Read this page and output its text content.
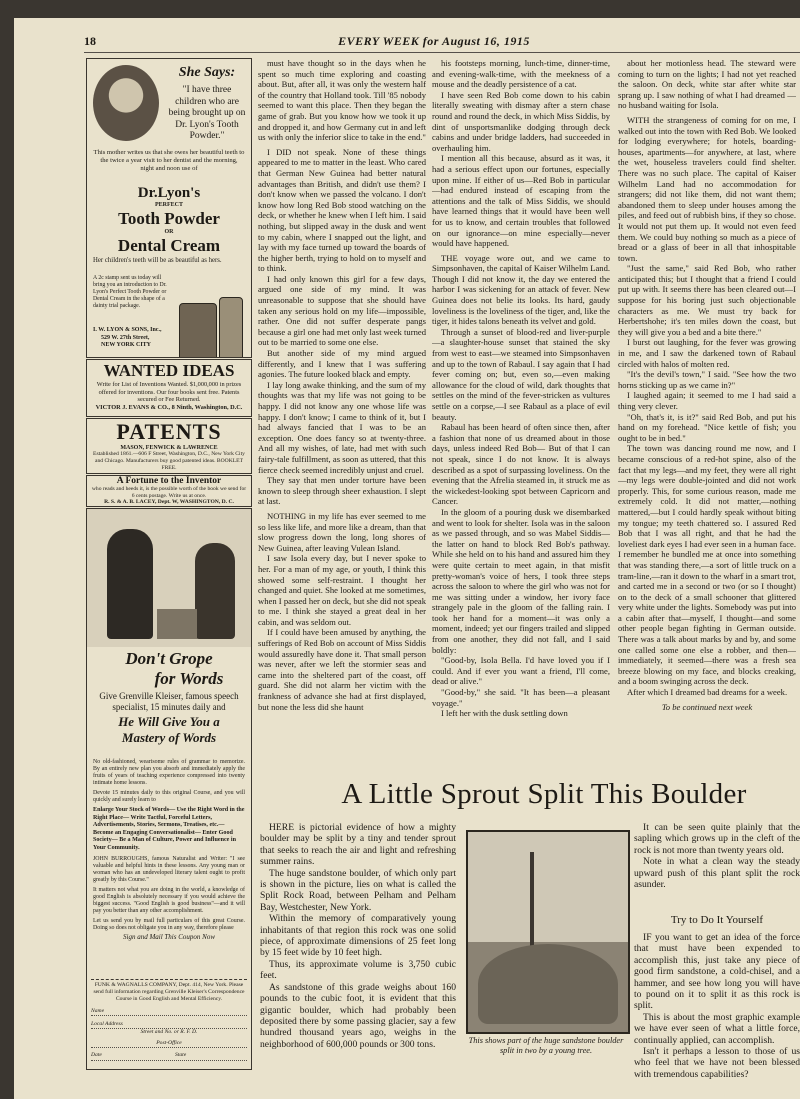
18	EVERY WEEK for August 16, 1915
She Says:
"I have three children who are being brought up on Dr. Lyon's Tooth Powder."
This mother writes us that she owes her beautiful teeth to the twice a year visit to her dentist and the morning, night and noon use of
Dr.Lyon's
PERFECT
Tooth Powder
OR
Dental Cream
Her children's teeth will be as beautiful as hers.
A 2c stamp sent us today will bring you an introduction to Dr. Lyon's Perfect Tooth Powder or Dental Cream in the shape of a dainty trial package.
I. W. LYON & SONS, Inc.,
529 W. 27th Street,
NEW YORK CITY
WANTED IDEAS
Write for List of Inventions Wanted. $1,000,000 in prizes offered for inventions. Our four books sent free. Patents secured or Fee Returned.
VICTOR J. EVANS & CO., 8 Ninth, Washington, D.C.
PATENTS
MASON, FENWICK & LAWRENCE
Established 1861.—606 F Street, Washington, D.C., New York City and Chicago. Manufacturers buy good patented ideas. BOOKLET FREE.
A Fortune to the Inventor
who reads and heeds it, is the possible worth of the book we send for 6 cents postage. Write us at once.
R. S. & A. B. LACEY, Dept. W, WASHINGTON, D. C.
Don't Grope
for Words
Give Grenville Kleiser, famous speech specialist, 15 minutes daily and
He Will Give You a
Mastery of Words
No old-fashioned, wearisome rules of grammar to memorize. By an entirely new plan you absorb and immediately apply the fruits of years of teaching experience compressed into twenty intimate home lessons.
Devote 15 minutes daily to this original Course, and you will quickly and surely learn to
Enlarge Your Stock of Words— Use the Right Word in the Right Place— Write Tactful, Forceful Letters, Advertisements, Stories, Sermons, Treatises, etc.— Become an Engaging Conversationalist— Enter Good Society— Be a Man of Culture, Power and Influence in Your Community.
JOHN BURROUGHS, famous Naturalist and Writer: "I see valuable and helpful hints in these lessons. Any young man or woman who has an undeveloped literary talent ought to profit greatly by this Course."
It matters not what you are doing in the world, a knowledge of good English is absolutely necessary if you would achieve the biggest success. "Good English is good business"—and it will pay you better than any other accomplishment.
Let us send you by mail full particulars of this great Course. Doing so does not obligate you in any way, therefore please
Sign and Mail This Coupon Now
FUNK & WAGNALLS COMPANY, Dept. 414, New York. Please send full information regarding Grenville Kleiser's Correspondence Course in Good English and Mental Efficiency.
Name
Local Address
Street and No. or R. F. D.
Post-Office
Date	State

must have thought so in the days when he spent so much time exploring and coasting about. But, after all, it was only the western half of the country that Holland took. Till '85 nobody seemed to want this place. Then they began the game of grab. But you know how we took it up and dropped it, and how Germany cut in and left us with only the inferior slice to take in the end."

I DID not speak. None of these things appeared to me to matter in the least. Who cared that German New Guinea had better natural advantages than British, and didn't use them? I don't know when we passed the volcano. I don't know how long Red Bob stood watching on the deck, or whether he knew when I left him. I said nothing, but slipped away in the dusk and went to my cabin, where I snapped out the light, and lay with my face turned up toward the boards of the higher berth, trying to hold on to myself and to think.

I had only known this girl for a few days, argued one side of my mind. It was unreasonable to suppose that she should have taken any serious hold on my life—impossible, rather. One did not suffer desperate pangs because a girl one had met only last week turned out to be married to some one else.

But another side of my mind argued differently, and I knew that I was suffering agonies. The future looked black and empty.

I lay long awake thinking, and the sum of my thoughts was that my life was not going to be happy. I did not know any one whose life was happy. I don't know; I came to think of it, but I had always fancied that I was to be an exception. One does fancy so at twenty-three. And all my wishes, of late, had met with such fairy-tale fulfillment, as soon as uttered, that this fierce check seemed incredibly unjust and cruel.

They say that men under torture have been known to sleep through sheer exhaustion. I slept at last.

NOTHING in my life has ever seemed to me so less like life, and more like a dream, than that slow progress down the long, long shores of New Guinea, after leaving Vulean Island.

I saw Isola every day, but I never spoke to her. For a man of my age, or youth, I think this showed some self-restraint. I thought her changed and quiet. She looked at me sometimes, when I passed her on deck, but she did not speak to me. I think she stayed a great deal in her cabin, and was seldom out.

If I could have been amused by anything, the sufferings of Red Bob on account of Miss Siddis would assuredly have done it. That small person was never, after we left the stormier seas and came into the sheltered part of the coast, off guard. She did not alarm her victim with the frankness of advance she had at first displayed, but none the less did she haunt

his footsteps morning, lunch-time, dinner-time, and evening-walk-time, with the meekness of a mouse and the deadly persistence of a cat.

I have seen Red Bob come down to his cabin literally sweating with dismay after a stern chase round and round the deck, in which Miss Siddis, by dint of unsportsmanlike dodging through deck cabins and under bridge ladders, had succeeded in overhauling him.

I mention all this because, absurd as it was, it had a serious effect upon our fortunes, especially upon mine. If either of us—Red Bob in particular—had endured instead of escaping from the attentions and the talk of Miss Siddis, we should have learned things that it would have been well for us to know, and certain troubles that followed on our ignorance—on mine especially—never would have happened.

THE voyage wore out, and we came to Simpsonhaven, the capital of Kaiser Wilhelm Land. Though I did not know it, the day we entered the harbor I was sickening for an attack of fever. New Guinea does not belie its looks. Its hard, gaudy loveliness is the loveliness of the tiger, and, like the tiger, it hides talons beneath its velvet and gold.

Through a sunset of blood-red and liver-purple—a slaughter-house sunset that stained the sky from west to east—we steamed into Simpsonhaven and up to the town of Rabaul. I say again that I had fever coming on; but, even so,—even making allowance for the cloud of wild, dark thoughts that settles on the mind of the fever-stricken as vultures settle on a corpse,—I see Rabaul as a place of evil beauty.

Rabaul has been heard of often since then, after a fashion that none of us dreamed about in those days, unless indeed Red Bob— But of that I can not speak, since I do not know. It is always described as a spot of surpassing loveliness. On the evening that the Afrelia steamed in, it struck me as the wickedest-looking spot between Capricorn and Cancer.

In the gloom of a pouring dusk we disembarked and went to look for shelter. Isola was in the saloon as we passed through, and so was Mabel Siddis—the latter on hand to block Red Bob's pathway. While she held on to his hand and assured him they were quite certain to meet again, in that misfit pretty-woman's voice of hers, I took three steps across the saloon to where the girl who was not for me was sitting under a window, her ivory face strangely pale in the gloom of the falling rain. I took her hand for a moment—it was only a moment, indeed; yet our fingers trailed and slipped from one another, they did not fall, and I said boldly:

"Good-by, Isola Bella. I'd have loved you if I could. And if ever you want a friend, I'll come, dead or alive."

"Good-by," she said. "It has been—a pleasant voyage."

I left her with the dusk settling down

about her motionless head. The steward were coming to turn on the lights; I had not yet reached the saloon. On deck, white star after white star sprang up. I saw nothing of what I had dreamed —no husband waiting for Isola.

WITH the strangeness of coming for on me, I walked out into the town with Red Bob. We looked for lodging everywhere; for hotels, boarding-houses, apartments—for anywhere, at last, where the wet, houseless travelers could find shelter. There was no such place. The capital of Kaiser Wilhelm Land had no accommodation for strangers; did not like them, did not want them; abandoned them to sleep under houses among the piles, and feed out of rubbish bins, if they so chose. It would not put them up. It would not even feed them. We could buy nothing so much as a piece of bread or a glass of beer in all that inhospitable town.

"Just the same," said Red Bob, who rather anticipated this; but I thought that a friend I could put up with. It seems there has been cleared out—I suppose for his boring just such objectionable characters as me. We must try back for Herbertshohe; it's ten miles down the coast, but they will give you a bed and a bite there."

I burst out laughing, for the fever was growing in me, and I saw the darkened town of Rabaul circled with halos of molten red.

"It's the devil's town," I said. "See how the two horns sticking up as we came in?"

I laughed again; it seemed to me I had said a thing very clever.

"Oh, that's it, is it?" said Red Bob, and put his hand on my forehead. "Nice kettle of fish; you ought to be in bed."

The town was dancing round me now, and I became conscious of a red-hot spine, also of the fact that my legs—and my feet, they were all right—my legs were double-jointed and did not work properly. This, for some curious reason, made me extremely cold. It did not matter,—nothing mattered,—but I could hardly speak without biting my tongue; my teeth chattered so. I assured Red Bob that I was all right, and that he had the loveliest dark eyes I had ever seen in a human face. I remember he bundled me at once into something that was standing there,—a sort of little truck on a tram-line,—ran it down to the wharf in a smart trot, and carted me in a second or two (or so I thought) on to the deck of a small schooner that glittered very white under the lights. Somebody was put into a cabin after that—myself, I thought—and some other people began fighting in German outside. There was a talk about marks by and by, and some one called some one else a robber, and then—immediately, it seemed—there was a fresh sea breeze blowing on my face, and blocks creaking, and a boom swinging across the deck.

After which I dreamed bad dreams for a week.

To be continued next week

A Little Sprout Split This Boulder

HERE is pictorial evidence of how a mighty boulder may be split by a tiny and tender sprout that seeks to reach the air and light and refreshing summer rains.

The huge sandstone boulder, of which only part is shown in the picture, lies on what is called the Split Rock Road, between Pelham and Pelham Bay, Westchester, New York.

Within the memory of comparatively young inhabitants of that region this rock was one solid piece, of approximate dimensions of 25 feet long by 15 feet wide by 10 feet high.

Thus, its approximate volume is 3,750 cubic feet.

As sandstone of this grade weighs about 160 pounds to the cubic foot, it is evident that this gigantic boulder, which had probably been deposited there by some passing glacier, say a few hundred thousand years ago, weighs in the neighborhood of 600,000 pounds or 300 tons.	This shows part of the huge sandstone boulder split in two by a young tree.

It can be seen quite plainly that the sapling which grows up in the cleft of the rock is not more than twenty years old.

Note in what a clean way the steady upward push of this plant split the rock asunder.

Try to Do It Yourself

IF you want to get an idea of the force that must have been expended to accomplish this, just take any piece of good firm sandstone, a cold-chisel, and a hammer, and see how long you will have to pound on it to split it as this rock is split.

This is about the most graphic example we have ever seen of what a little force, continually applied, can accomplish.

Isn't it perhaps a lesson to those of us who feel that we have not been blessed with tremendous capabilities?
